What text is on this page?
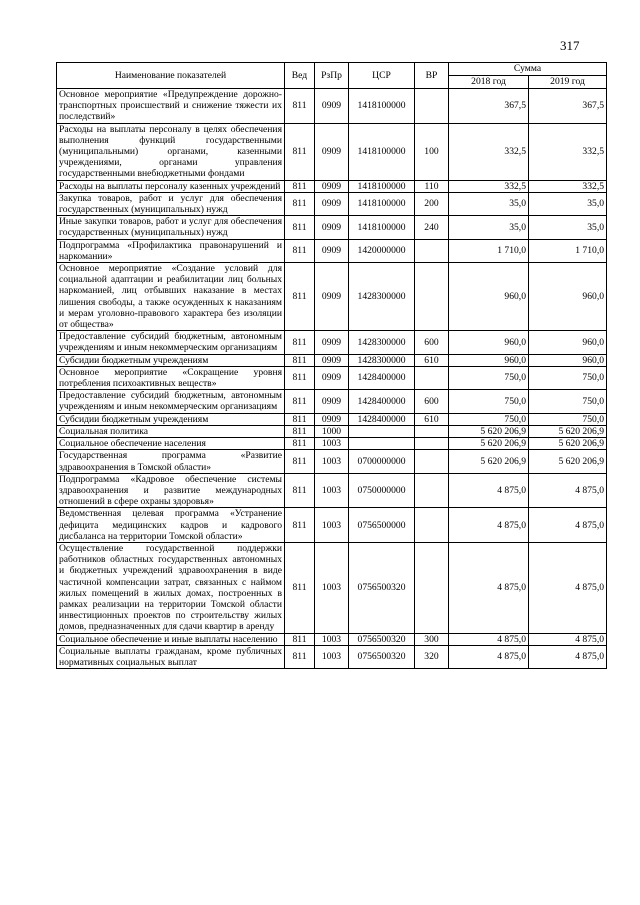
317
Наименование показателей	Вед	РзПр	ЦСР	ВР	Сумма	
					2018 год	2019 год
Основное мероприятие «Предупреждение дорожно-транспортных происшествий и снижение тяжести их последствий»	811	0909	1418100000		367,5	367,5
Расходы на выплаты персоналу в целях обеспечения выполнения функций государственными (муниципальными) органами, казенными учреждениями, органами управления государственными внебюджетными фондами	811	0909	1418100000	100	332,5	332,5
Расходы на выплаты персоналу казенных учреждений	811	0909	1418100000	110	332,5	332,5
Закупка товаров, работ и услуг для обеспечения государственных (муниципальных) нужд	811	0909	1418100000	200	35,0	35,0
Иные закупки товаров, работ и услуг для обеспечения государственных (муниципальных) нужд	811	0909	1418100000	240	35,0	35,0
Подпрограмма «Профилактика правонарушений и наркомании»	811	0909	1420000000		1 710,0	1 710,0
Основное мероприятие «Создание условий для социальной адаптации и реабилитации лиц больных наркоманией, лиц отбывших наказание в местах лишения свободы, а также осужденных к наказаниям и мерам уголовно-правового характера без изоляции от общества»	811	0909	1428300000		960,0	960,0
Предоставление субсидий бюджетным, автономным учреждениям и иным некоммерческим организациям	811	0909	1428300000	600	960,0	960,0
Субсидии бюджетным учреждениям	811	0909	1428300000	610	960,0	960,0
Основное мероприятие «Сокращение уровня потребления психоактивных веществ»	811	0909	1428400000		750,0	750,0
Предоставление субсидий бюджетным, автономным учреждениям и иным некоммерческим организациям	811	0909	1428400000	600	750,0	750,0
Субсидии бюджетным учреждениям	811	0909	1428400000	610	750,0	750,0
Социальная политика	811	1000			5 620 206,9	5 620 206,9
Социальное обеспечение населения	811	1003			5 620 206,9	5 620 206,9
Государственная программа «Развитие здравоохранения в Томской области»	811	1003	0700000000		5 620 206,9	5 620 206,9
Подпрограмма «Кадровое обеспечение системы здравоохранения и развитие международных отношений в сфере охраны здоровья»	811	1003	0750000000		4 875,0	4 875,0
Ведомственная целевая программа «Устранение дефицита медицинских кадров и кадрового дисбаланса на территории Томской области»	811	1003	0756500000		4 875,0	4 875,0
Осуществление государственной поддержки работников областных государственных автономных и бюджетных учреждений здравоохранения в виде частичной компенсации затрат, связанных с наймом жилых помещений в жилых домах, построенных в рамках реализации на территории Томской области инвестиционных проектов по строительству жилых домов, предназначенных для сдачи квартир в аренду	811	1003	0756500320		4 875,0	4 875,0
Социальное обеспечение и иные выплаты населению	811	1003	0756500320	300	4 875,0	4 875,0
Социальные выплаты гражданам, кроме публичных нормативных социальных выплат	811	1003	0756500320	320	4 875,0	4 875,0
